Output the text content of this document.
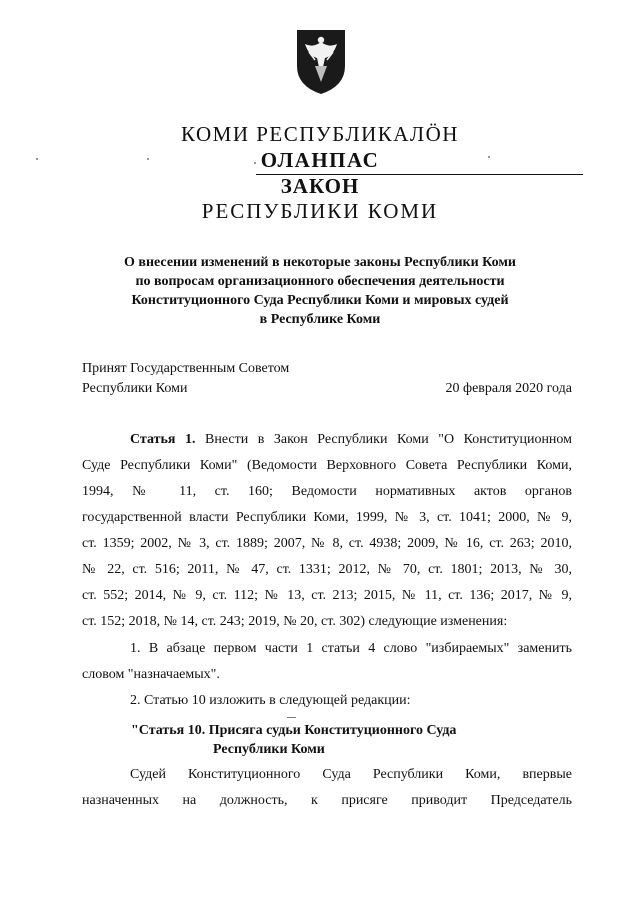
КОМИ РЕСПУБЛИКАЛӦН
ОЛАНПАС
ЗАКОН
РЕСПУБЛИКИ КОМИ
О внесении изменений в некоторые законы Республики Коми
по вопросам организационного обеспечения деятельности
Конституционного Суда Республики Коми и мировых судей
в Республике Коми
Принят Государственным Советом
Республики Коми	20 февраля 2020 года
Статья 1. Внести в Закон Республики Коми "О Конституционном
Суде Республики Коми" (Ведомости Верховного Совета Республики Коми,
1994, № 11, ст. 160; Ведомости нормативных актов органов
государственной власти Республики Коми, 1999, № 3, ст. 1041; 2000, № 9,
ст. 1359; 2002, № 3, ст. 1889; 2007, № 8, ст. 4938; 2009, № 16, ст. 263; 2010,
№ 22, ст. 516; 2011, № 47, ст. 1331; 2012, № 70, ст. 1801; 2013, № 30,
ст. 552; 2014, № 9, ст. 112; № 13, ст. 213; 2015, № 11, ст. 136; 2017, № 9,
ст. 152; 2018, № 14, ст. 243; 2019, № 20, ст. 302) следующие изменения:
1. В абзаце первом части 1 статьи 4 слово "избираемых" заменить
словом "назначаемых".
2. Статью 10 изложить в следующей редакции:
"Статья 10. Присяга судьи Конституционного Суда
Республики Коми
Судей Конституционного Суда Республики Коми, впервые
назначенных на должность, к присяге приводит Председатель
